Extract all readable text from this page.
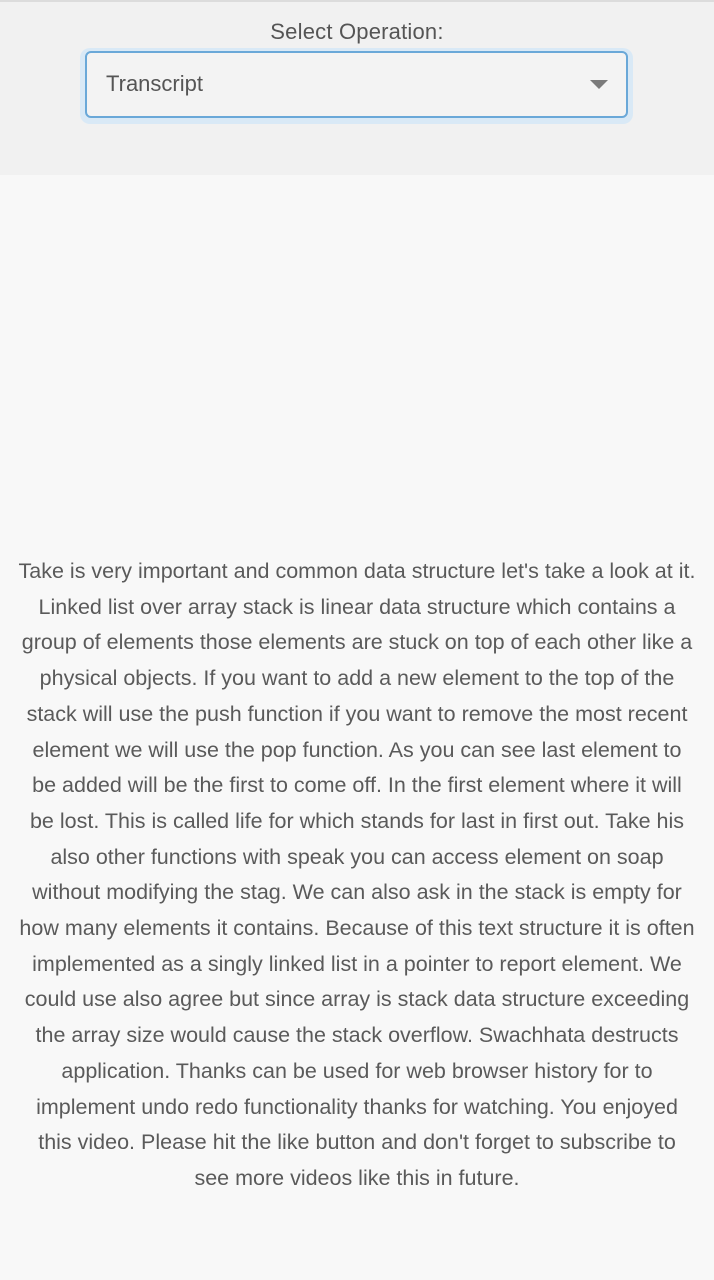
Select Operation:
Transcript
Take is very important and common data structure let's take a look at it. Linked list over array stack is linear data structure which contains a group of elements those elements are stuck on top of each other like a physical objects. If you want to add a new element to the top of the stack will use the push function if you want to remove the most recent element we will use the pop function. As you can see last element to be added will be the first to come off. In the first element where it will be lost. This is called life for which stands for last in first out. Take his also other functions with speak you can access element on soap without modifying the stag. We can also ask in the stack is empty for how many elements it contains. Because of this text structure it is often implemented as a singly linked list in a pointer to report element. We could use also agree but since array is stack data structure exceeding the array size would cause the stack overflow. Swachhata destructs application. Thanks can be used for web browser history for to implement undo redo functionality thanks for watching. You enjoyed this video. Please hit the like button and don't forget to subscribe to see more videos like this in future.
